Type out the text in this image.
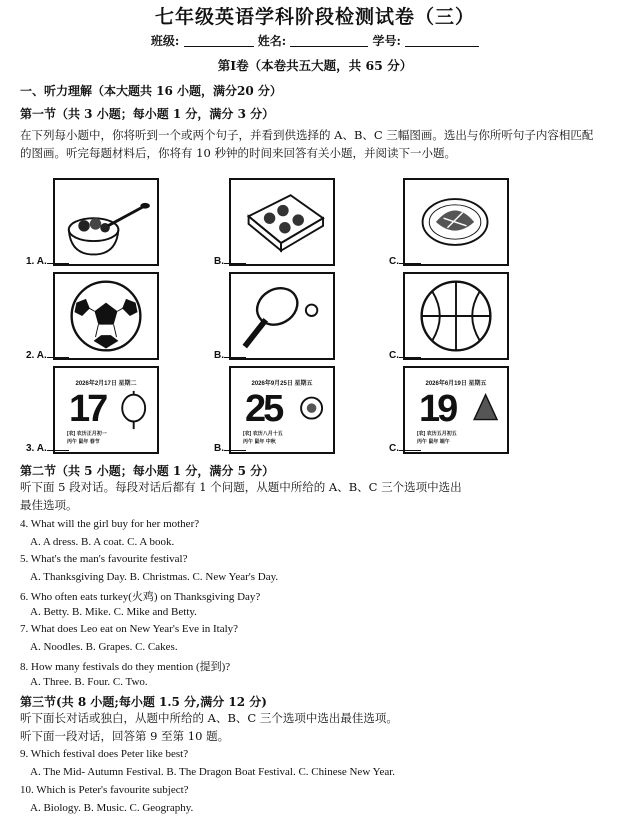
七年级英语学科阶段检测试卷（三）
班级:	姓名:	学号:
第Ⅰ卷（本卷共五大题，共 65 分）
一、听力理解（本大题共 16 小题，满分20 分）
第一节（共 3 小题；每小题 1 分，满分 3 分）
在下列每小题中，你将听到一个或两个句子，并看到供选择的 A、B、C 三幅图画。选出与你所听句子内容相匹配
的图画。听完每题材料后，你将有 10 秒钟的时间来回答有关小题，并阅读下一小题。
1. A.	B.	C.
2. A.	B.	C.
2026年2月17日 星期二
17
[农] 农历正月初一
丙午 鼠年 春节
2026年9月25日 星期五
25
[农] 农历八月十五
丙午 鼠年 中秋
2026年6月19日 星期五
19
[农] 农历五月初五
丙午 鼠年 端午
3. A.	B.	C.
第二节（共 5 小题；每小题 1 分，满分 5 分）
听下面 5 段对话。每段对话后都有 1 个问题，从题中所给的 A、B、C 三个选项中选出
最佳选项。
4. What will the girl buy for her mother?
A. A dress. B. A coat. C. A book.
5. What's the man's favourite festival?
A. Thanksgiving Day. B. Christmas. C. New Year's Day.
6. Who often eats turkey(火鸡) on Thanksgiving Day?
A. Betty. B. Mike. C. Mike and Betty.
7. What does Leo eat on New Year's Eve in Italy?
A. Noodles. B. Grapes. C. Cakes.
8. How many festivals do they mention (提到)?
A. Three. B. Four. C. Two.
第三节(共 8 小题;每小题 1.5 分,满分 12 分)
听下面长对话或独白，从题中所给的 A、B、C 三个选项中选出最佳选项。
听下面一段对话，回答第 9 至第 10 题。
9. Which festival does Peter like best?
A. The Mid- Autumn Festival. B. The Dragon Boat Festival. C. Chinese New Year.
10. Which is Peter's favourite subject?
A. Biology. B. Music. C. Geography.
